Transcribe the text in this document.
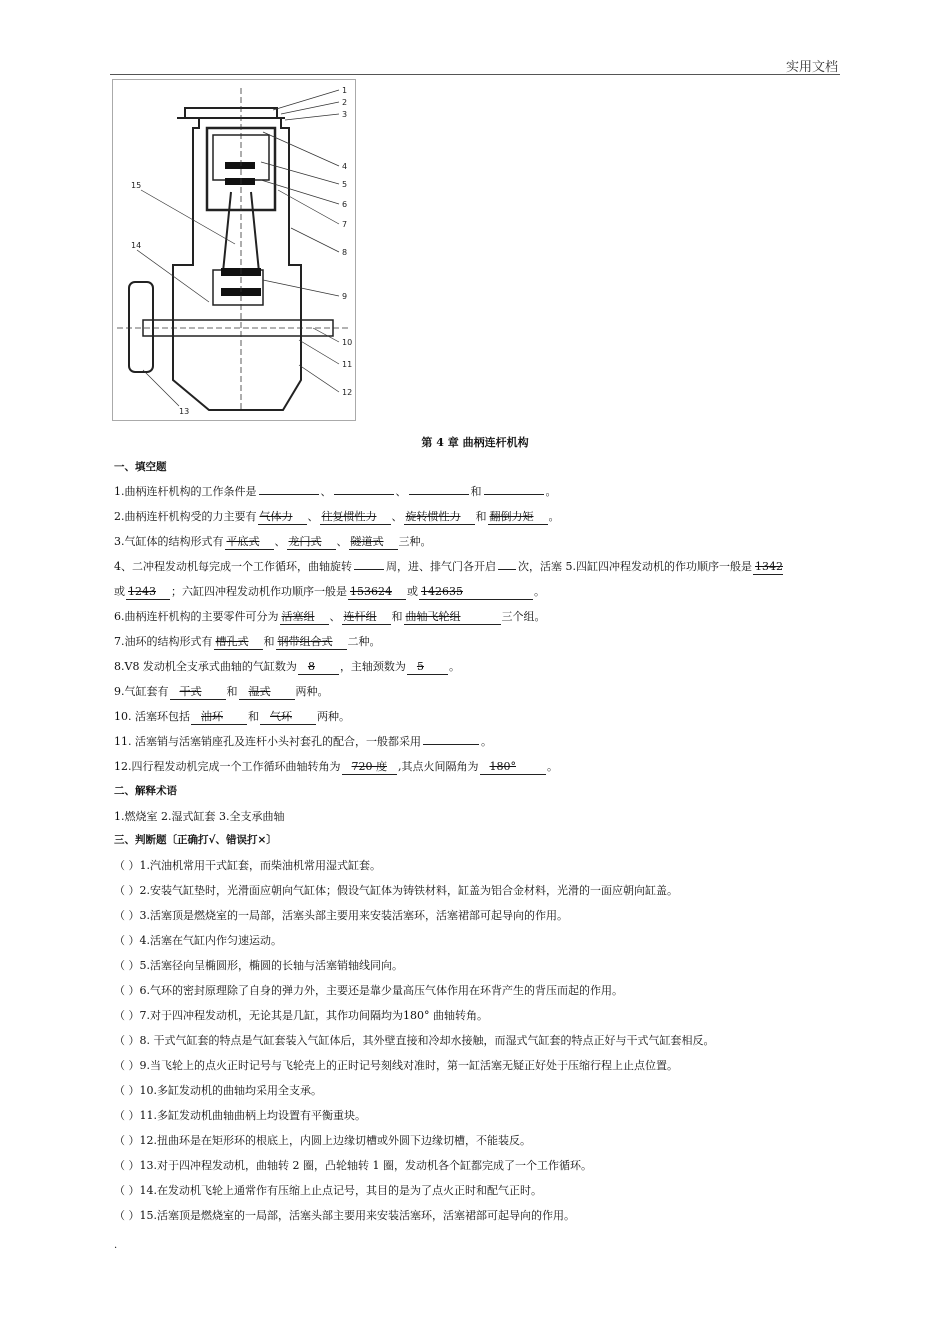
实用文档
1
2
3
4
5
6
7
8
9
10
11
12
13
14
15
第 4 章 曲柄连杆机构
一、填空题
1.曲柄连杆机构的工作条件是	、	、	和	。
2.曲柄连杆机构受的力主要有 气体力 、 往复惯性力 、 旋转惯性力 和 翻倒力矩 。
3.气缸体的结构形式有 平底式 、 龙门式 、 隧道式 三种。
4、二冲程发动机每完成一个工作循环，曲轴旋转	周，进、排气门各开启 次，活塞 5.四缸四冲程发动机的作功顺序一般是 1342
或 1243 ；六缸四冲程发动机作功顺序一般是 153624 或 142635	。
6.曲柄连杆机构的主要零件可分为 活塞组 、 连杆组 和 曲轴飞轮组	三个组。
7.油环的结构形式有 槽孔式 和 钢带组合式 二种。
8.V8 发动机全支承式曲轴的气缸数为 8 ，主轴颈数为 5 。
9.气缸套有 干式 和 湿式 两种。
10. 活塞环包括 油环 和 气环 两种。
11. 活塞销与活塞销座孔及连杆小头衬套孔的配合，一般都采用	。
12.四行程发动机完成一个工作循环曲轴转角为 720 度 ,其点火间隔角为 180°	。
二、解释术语
1.燃烧室 2.湿式缸套 3.全支承曲轴
三、判断题〔正确打√、错误打×〕
（ ）1.汽油机常用干式缸套，而柴油机常用湿式缸套。
（ ）2.安装气缸垫时，光滑面应朝向气缸体；假设气缸体为铸铁材料，缸盖为铝合金材料，光滑的一面应朝向缸盖。
（ ）3.活塞顶是燃烧室的一局部，活塞头部主要用来安装活塞环，活塞裙部可起导向的作用。
（ ）4.活塞在气缸内作匀速运动。
（ ）5.活塞径向呈椭圆形，椭圆的长轴与活塞销轴线同向。
（ ）6.气环的密封原理除了自身的弹力外，主要还是靠少量高压气体作用在环背产生的背压而起的作用。
（ ）7.对于四冲程发动机，无论其是几缸，其作功间隔均为180° 曲轴转角。
（ ）8. 干式气缸套的特点是气缸套装入气缸体后，其外壁直接和冷却水接触，而湿式气缸套的特点正好与干式气缸套相反。
（ ）9.当飞轮上的点火正时记号与飞轮壳上的正时记号刻线对准时，第一缸活塞无疑正好处于压缩行程上止点位置。
（ ）10.多缸发动机的曲轴均采用全支承。
（ ）11.多缸发动机曲轴曲柄上均设置有平衡重块。
（ ）12.扭曲环是在矩形环的根底上，内圆上边缘切槽或外圆下边缘切槽，不能装反。
（ ）13.对于四冲程发动机，曲轴转 2 圈，凸轮轴转 1 圈，发动机各个缸都完成了一个工作循环。
（ ）14.在发动机飞轮上通常作有压缩上止点记号，其目的是为了点火正时和配气正时。
（ ）15.活塞顶是燃烧室的一局部，活塞头部主要用来安装活塞环，活塞裙部可起导向的作用。
.
